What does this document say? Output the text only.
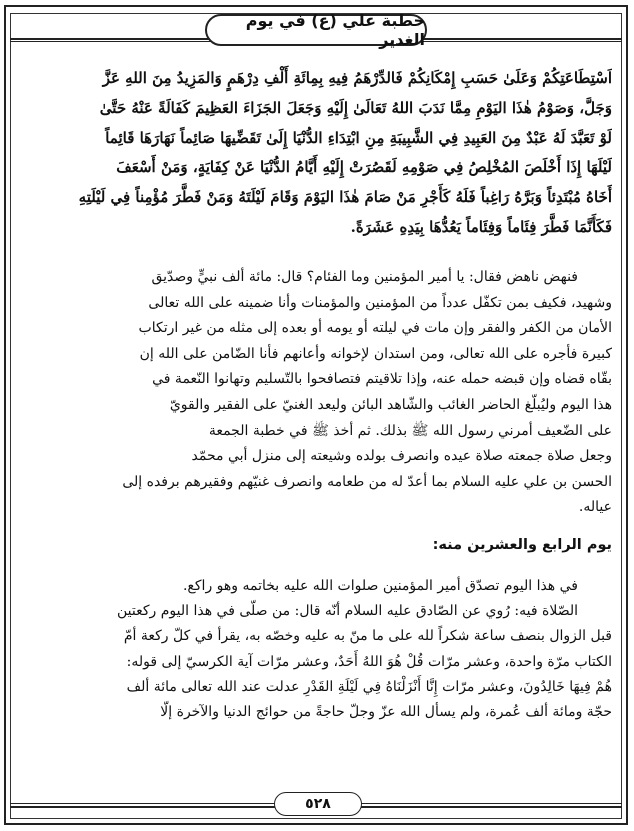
خطبة علي (ع) في يوم الغدير
اَسْتِطَاعَتِكُمْ وَعَلَىٰ حَسَبِ إِمْكَانِكُمْ فَالدِّرْهَمُ فِيهِ بِمِائَةِ أَلْفِ دِرْهَمٍ وَالمَزِيدُ مِنَ اللهِ عَزَّ
وَجَلَّ، وَصَوْمُ هٰذَا اليَوْمِ مِمَّا نَدَبَ اللهُ تَعَالَىٰ إِلَيْهِ وَجَعَلَ الجَزَاءَ العَظِيمَ كَفَالَةً عَنْهُ حَتَّىٰ
لَوْ تَعَبَّدَ لَهُ عَبْدٌ مِنَ العَبِيدِ فِي الشَّبِيبَةِ مِنِ ابْتِدَاءِ الدُّنْيَا إِلَىٰ تَقَضِّيهَا صَائِماً نَهَارَهَا قَائِماً
لَيْلَهَا إِذَا أَخْلَصَ المُخْلِصُ فِي صَوْمِهِ لَقَصُرَتْ إِلَيْهِ أَيَّامُ الدُّنْيَا عَنْ كِفَايَةٍ، وَمَنْ أَسْعَفَ
أَخَاهُ مُبْتَدِئاً وَبَرَّهُ رَاغِباً فَلَهُ كَأَجْرِ مَنْ صَامَ هٰذَا اليَوْمَ وَقَامَ لَيْلَتَهُ وَمَنْ فَطَّرَ مُؤْمِناً فِي لَيْلَتِهِ
فَكَأَنَّمَا فَطَّرَ فِئَاماً وَفِئَاماً يَعُدُّهَا بِيَدِهِ عَشَرَةً.
فنهض ناهض فقال: يا أمير المؤمنين وما الفئام؟ قال: مائة ألف نبيٍّ وصدّيق
وشهيد، فكيف بمن تكفّل عدداً من المؤمنين والمؤمنات وأنا ضمينه على الله تعالى
الأمان من الكفر والفقر وإن مات في ليلته أو يومه أو بعده إلى مثله من غير ارتكاب
كبيرة فأجره على الله تعالى، ومن استدان لإخوانه وأعانهم فأنا الضّامن على الله إن
بقّاه قضاه وإن قبضه حمله عنه، وإذا تلاقيتم فتصافحوا بالتّسليم وتهانوا النّعمة في
هذا اليوم وليُبلّغ الحاضر الغائب والشّاهد البائن وليعد الغنيّ على الفقير والقويّ
على الضّعيف أمرني رسول الله ﷺ بذلك. ثم أخذ ﷺ في خطبة الجمعة
وجعل صلاة جمعته صلاة عيده وانصرف بولده وشيعته إلى منزل أبي محمّد
الحسن بن علي عليه السلام بما أعدّ له من طعامه وانصرف غنيّهم وفقيرهم برفده إلى
عياله.
يوم الرابع والعشرين منه:
في هذا اليوم تصدّق أمير المؤمنين صلوات الله عليه بخاتمه وهو راكع.
الصّلاة فيه: رُوي عن الصّادق عليه السلام أنّه قال: من صلّى في هذا اليوم ركعتين
قبل الزوال بنصف ساعة شكراً لله على ما منّ به عليه وخصّه به، يقرأ في كلّ ركعة أمّ
الكتاب مرّة واحدة، وعشر مرّات قُلْ هُوَ اللهُ أَحَدٌ، وعشر مرّات آية الكرسيّ إلى قوله:
هُمْ فِيهَا خَالِدُونَ، وعشر مرّات إِنَّا أَنْزَلْنَاهُ فِي لَيْلَةِ القَدْرِ عدلت عند الله تعالى مائة ألف
حجّة ومائة ألف عُمرة، ولم يسأل الله عزّ وجلّ حاجةً من حوائج الدنيا والآخرة إلّا
٥٢٨
